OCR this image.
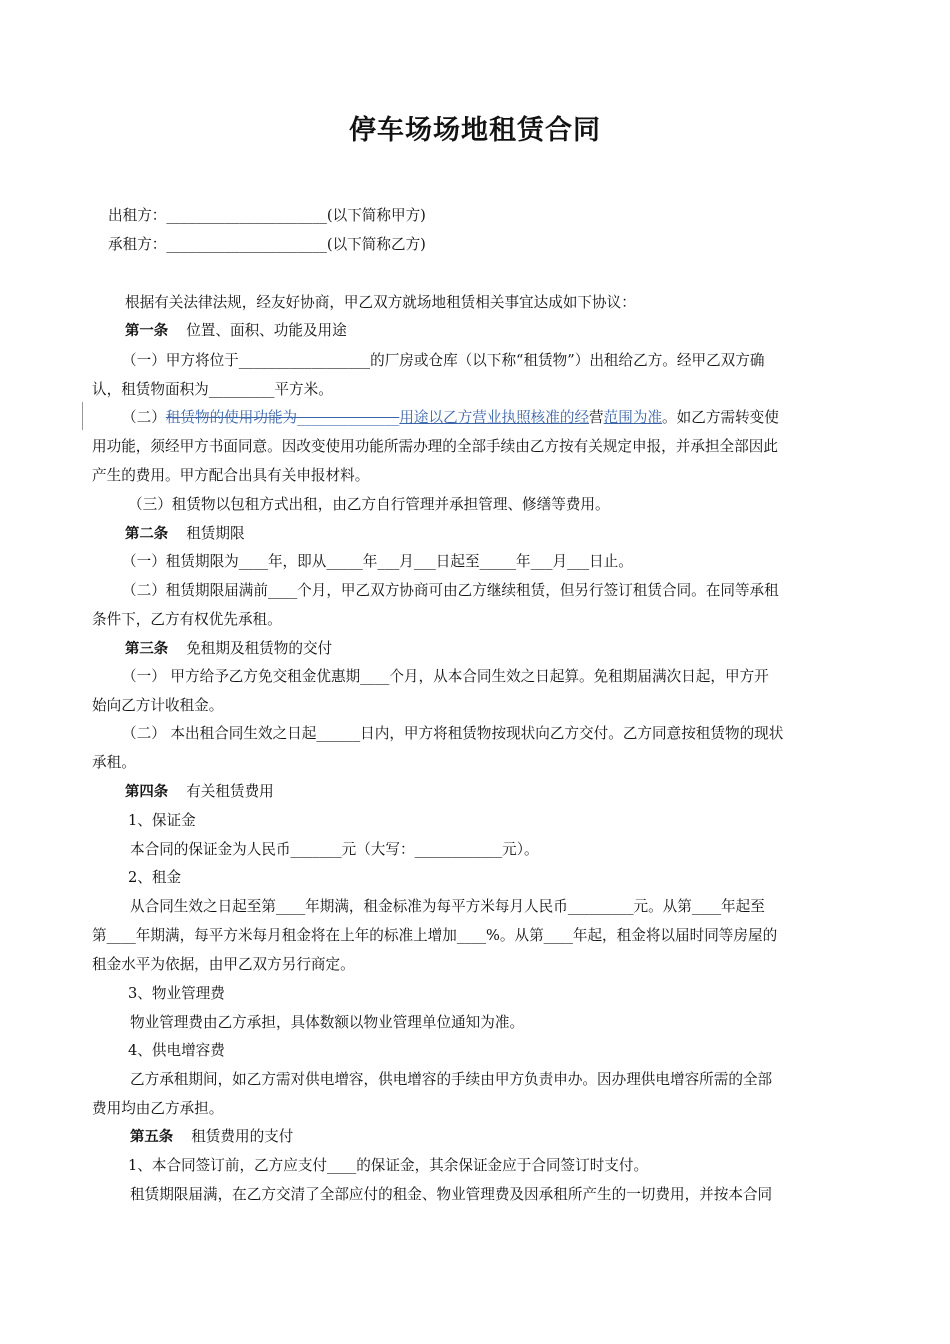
停车场场地租赁合同
出租方：______________________(以下简称甲方)
承租方：______________________(以下简称乙方)
根据有关法律法规，经友好协商，甲乙双方就场地租赁相关事宜达成如下协议：
第一条 位置、面积、功能及用途
（一）甲方将位于__________________的厂房或仓库（以下称“租赁物”）出租给乙方。经甲乙双方确
认，租赁物面积为_________平方米。
（二）租赁物的使用功能为______________用途以乙方营业执照核准的经营范围为准。如乙方需转变使
用功能，须经甲方书面同意。因改变使用功能所需办理的全部手续由乙方按有关规定申报，并承担全部因此
产生的费用。甲方配合出具有关申报材料。
（三）租赁物以包租方式出租，由乙方自行管理并承担管理、修缮等费用。
第二条 租赁期限
（一）租赁期限为____年，即从_____年___月___日起至_____年___月___日止。
（二）租赁期限届满前____个月，甲乙双方协商可由乙方继续租赁，但另行签订租赁合同。在同等承租
条件下，乙方有权优先承租。
第三条 免租期及租赁物的交付
（一） 甲方给予乙方免交租金优惠期____个月，从本合同生效之日起算。免租期届满次日起，甲方开
始向乙方计收租金。
（二） 本出租合同生效之日起______日内，甲方将租赁物按现状向乙方交付。乙方同意按租赁物的现状
承租。
第四条 有关租赁费用
1、保证金
本合同的保证金为人民币_______元（大写：____________元）。
2、租金
从合同生效之日起至第____年期满，租金标准为每平方米每月人民币_________元。从第____年起至
第____年期满，每平方米每月租金将在上年的标准上增加____%。从第____年起，租金将以届时同等房屋的
租金水平为依据，由甲乙双方另行商定。
3、物业管理费
物业管理费由乙方承担，具体数额以物业管理单位通知为准。
4、供电增容费
乙方承租期间，如乙方需对供电增容，供电增容的手续由甲方负责申办。因办理供电增容所需的全部
费用均由乙方承担。
第五条 租赁费用的支付
1、本合同签订前，乙方应支付____的保证金，其余保证金应于合同签订时支付。
租赁期限届满，在乙方交清了全部应付的租金、物业管理费及因承租所产生的一切费用，并按本合同
